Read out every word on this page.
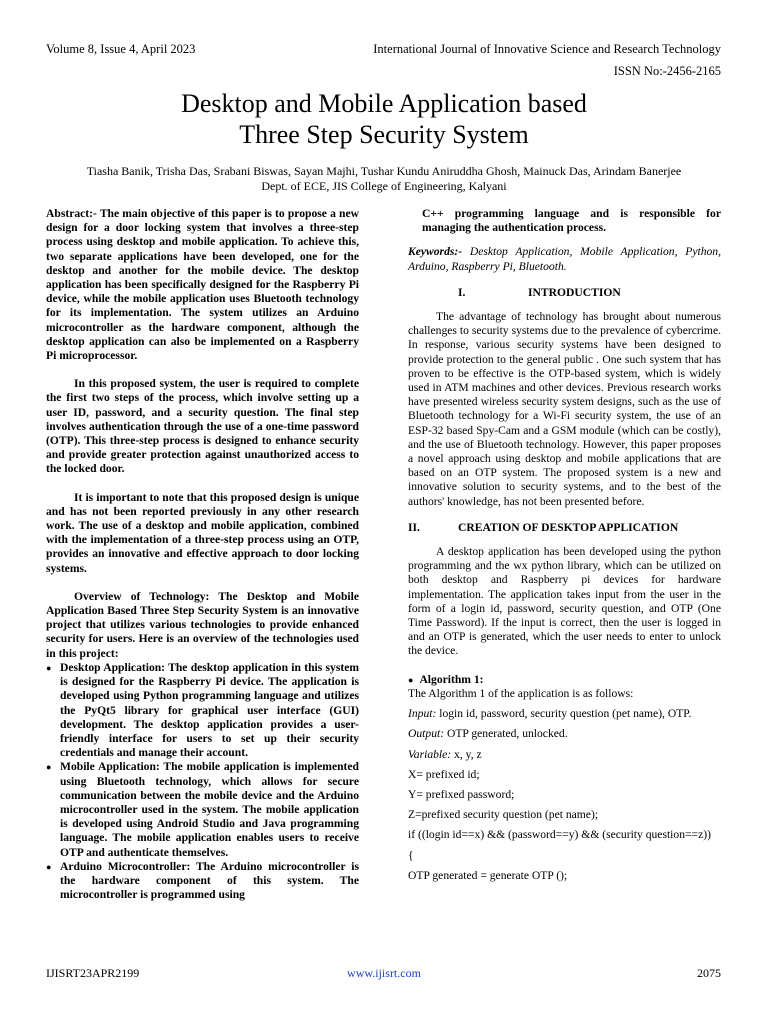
Volume 8, Issue 4, April 2023	International Journal of Innovative Science and Research Technology
ISSN No:-2456-2165
Desktop and Mobile Application based
Three Step Security System
Tiasha Banik, Trisha Das, Srabani Biswas, Sayan Majhi, Tushar Kundu Aniruddha Ghosh, Mainuck Das, Arindam Banerjee
Dept. of ECE, JIS College of Engineering, Kalyani

Abstract:- The main objective of this paper is to propose a new design for a door locking system that involves a three-step process using desktop and mobile application. To achieve this, two separate applications have been developed, one for the desktop and another for the mobile device. The desktop application has been specifically designed for the Raspberry Pi device, while the mobile application uses Bluetooth technology for its implementation. The system utilizes an Arduino microcontroller as the hardware component, although the desktop application can also be implemented on a Raspberry Pi microprocessor.

In this proposed system, the user is required to complete the first two steps of the process, which involve setting up a user ID, password, and a security question. The final step involves authentication through the use of a one-time password (OTP). This three-step process is designed to enhance security and provide greater protection against unauthorized access to the locked door.

It is important to note that this proposed design is unique and has not been reported previously in any other research work. The use of a desktop and mobile application, combined with the implementation of a three-step process using an OTP, provides an innovative and effective approach to door locking systems.

Overview of Technology: The Desktop and Mobile Application Based Three Step Security System is an innovative project that utilizes various technologies to provide enhanced security for users. Here is an overview of the technologies used in this project:

● Desktop Application: The desktop application in this system is designed for the Raspberry Pi device. The application is developed using Python programming language and utilizes the PyQt5 library for graphical user interface (GUI) development. The desktop application provides a user-friendly interface for users to set up their security credentials and manage their account.
● Mobile Application: The mobile application is implemented using Bluetooth technology, which allows for secure communication between the mobile device and the Arduino microcontroller used in the system. The mobile application is developed using Android Studio and Java programming language. The mobile application enables users to receive OTP and authenticate themselves.
● Arduino Microcontroller: The Arduino microcontroller is the hardware component of this system. The microcontroller is programmed using

C++ programming language and is responsible for managing the authentication process.

Keywords:- Desktop Application, Mobile Application, Python, Arduino, Raspberry Pi, Bluetooth.

I.	INTRODUCTION

The advantage of technology has brought about numerous challenges to security systems due to the prevalence of cybercrime. In response, various security systems have been designed to provide protection to the general public . One such system that has proven to be effective is the OTP-based system, which is widely used in ATM machines and other devices. Previous research works have presented wireless security system designs, such as the use of Bluetooth technology for a Wi-Fi security system, the use of an ESP-32 based Spy-Cam and a GSM module (which can be costly), and the use of Bluetooth technology. However, this paper proposes a novel approach using desktop and mobile applications that are based on an OTP system. The proposed system is a new and innovative solution to security systems, and to the best of the authors' knowledge, has not been presented before.

II.	CREATION OF DESKTOP APPLICATION

A desktop application has been developed using the python programming and the wx python library, which can be utilized on both desktop and Raspberry pi devices for hardware implementation. The application takes input from the user in the form of a login id, password, security question, and OTP (One Time Password). If the input is correct, then the user is logged in and an OTP is generated, which the user needs to enter to unlock the device.

● Algorithm 1:

The Algorithm 1 of the application is as follows:

Input: login id, password, security question (pet name), OTP.

Output: OTP generated, unlocked.

Variable: x, y, z

X= prefixed id;

Y= prefixed password;

Z=prefixed security question (pet name);

if ((login id==x) && (password==y) && (security question==z))

{

OTP generated = generate OTP ();

IJISRT23APR2199	www.ijisrt.com	2075
